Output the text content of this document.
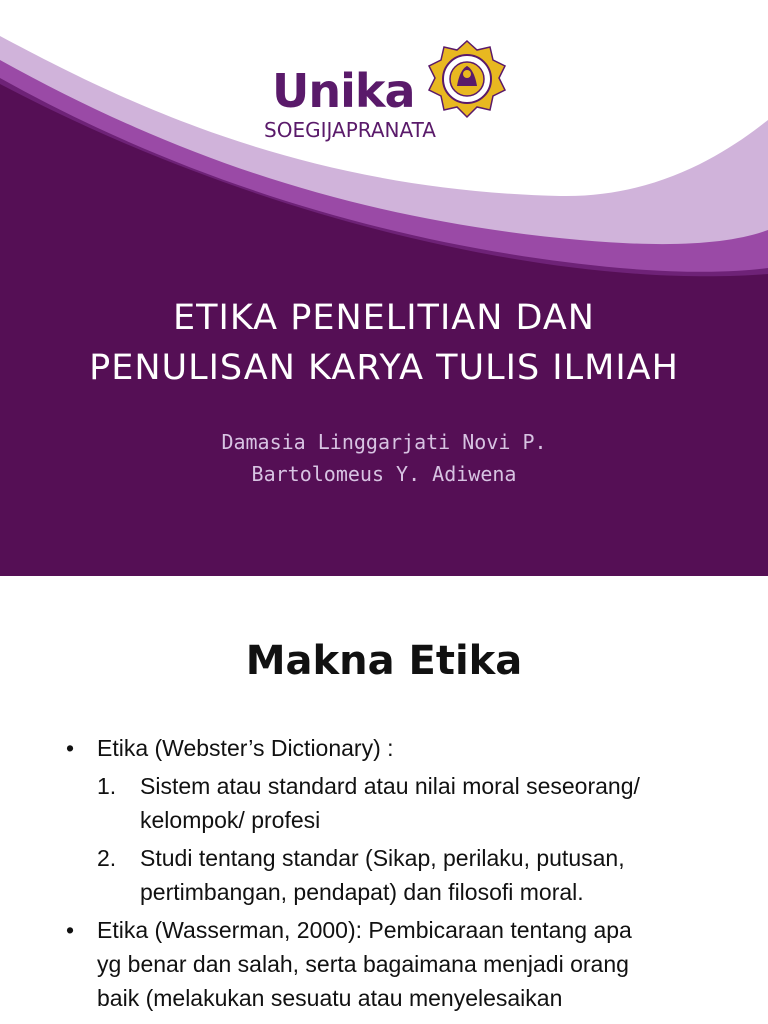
Unika
SOEGIJAPRANATA
ETIKA PENELITIAN DAN
PENULISAN KARYA TULIS ILMIAH
Damasia Linggarjati Novi P.
Bartolomeus Y. Adiwena
Makna Etika
• Etika (Webster’s Dictionary) :
1. Sistem atau standard atau nilai moral seseorang/
kelompok/ profesi
2. Studi tentang standar (Sikap, perilaku, putusan,
pertimbangan, pendapat) dan filosofi moral.
• Etika (Wasserman, 2000): Pembicaraan tentang apa
yg benar dan salah, serta bagaimana menjadi orang
baik (melakukan sesuatu atau menyelesaikan
